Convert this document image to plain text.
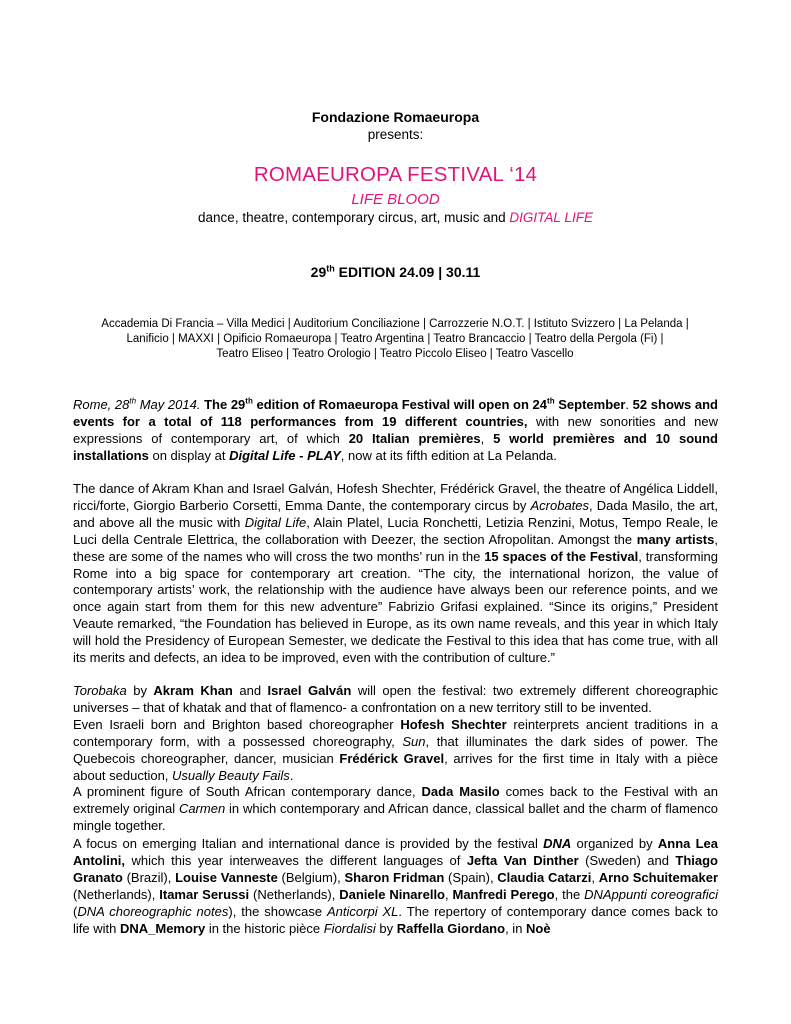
Fondazione Romaeuropa
presents:
ROMAEUROPA FESTIVAL ‘14
LIFE BLOOD
dance, theatre, contemporary circus, art, music and DIGITAL LIFE
29th EDITION 24.09 | 30.11
Accademia Di Francia – Villa Medici | Auditorium Conciliazione | Carrozzerie N.O.T. | Istituto Svizzero | La Pelanda |
Lanificio | MAXXI | Opificio Romaeuropa | Teatro Argentina | Teatro Brancaccio | Teatro della Pergola (Fi) |
Teatro Eliseo | Teatro Orologio | Teatro Piccolo Eliseo | Teatro Vascello

Rome, 28th May 2014. The 29th edition of Romaeuropa Festival will open on 24th September. 52 shows and events for a total of 118 performances from 19 different countries, with new sonorities and new expressions of contemporary art, of which 20 Italian premières, 5 world premières and 10 sound installations on display at Digital Life - PLAY, now at its fifth edition at La Pelanda.

The dance of Akram Khan and Israel Galván, Hofesh Shechter, Frédérick Gravel, the theatre of Angélica Liddell, ricci/forte, Giorgio Barberio Corsetti, Emma Dante, the contemporary circus by Acrobates, Dada Masilo, the art, and above all the music with Digital Life, Alain Platel, Lucia Ronchetti, Letizia Renzini, Motus, Tempo Reale, le Luci della Centrale Elettrica, the collaboration with Deezer, the section Afropolitan. Amongst the many artists, these are some of the names who will cross the two months’ run in the 15 spaces of the Festival, transforming Rome into a big space for contemporary art creation. “The city, the international horizon, the value of contemporary artists’ work, the relationship with the audience have always been our reference points, and we once again start from them for this new adventure” Fabrizio Grifasi explained. “Since its origins,” President Veaute remarked, “the Foundation has believed in Europe, as its own name reveals, and this year in which Italy will hold the Presidency of European Semester, we dedicate the Festival to this idea that has come true, with all its merits and defects, an idea to be improved, even with the contribution of culture.”

Torobaka by Akram Khan and Israel Galván will open the festival: two extremely different choreographic universes – that of khatak and that of flamenco- a confrontation on a new territory still to be invented.

Even Israeli born and Brighton based choreographer Hofesh Shechter reinterprets ancient traditions in a contemporary form, with a possessed choreography, Sun, that illuminates the dark sides of power. The Quebecois choreographer, dancer, musician Frédérick Gravel, arrives for the first time in Italy with a pièce about seduction, Usually Beauty Fails.

A prominent figure of South African contemporary dance, Dada Masilo comes back to the Festival with an extremely original Carmen in which contemporary and African dance, classical ballet and the charm of flamenco mingle together.

A focus on emerging Italian and international dance is provided by the festival DNA organized by Anna Lea Antolini, which this year interweaves the different languages of Jefta Van Dinther (Sweden) and Thiago Granato (Brazil), Louise Vanneste (Belgium), Sharon Fridman (Spain), Claudia Catarzi, Arno Schuitemaker (Netherlands), Itamar Serussi (Netherlands), Daniele Ninarello, Manfredi Perego, the DNAppunti coreografici (DNA choreographic notes), the showcase Anticorpi XL. The repertory of contemporary dance comes back to life with DNA_Memory in the historic pièce Fiordalisi by Raffella Giordano, in Noè
